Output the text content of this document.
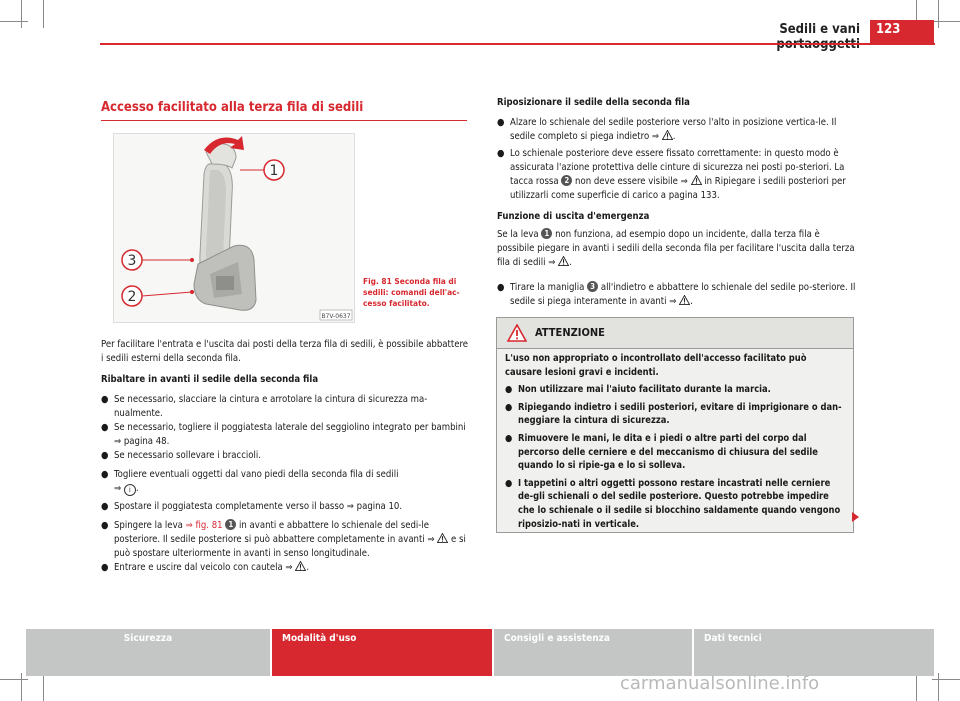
Sedili e vani	123
Accesso facilitato alla terza fila di sedili
1
3
2
B7V-0637
Fig. 81 Seconda fila di sedili: comandi dell'ac-cesso facilitato.
Per facilitare l'entrata e l'uscita dai posti della terza fila di sedili, è possibile abbattere i sedili esterni della seconda fila.
Ribaltare in avanti il sedile della seconda fila
● Se necessario, slacciare la cintura e arrotolare la cintura di sicurezza ma-nualmente.
● Se necessario, togliere il poggiatesta laterale del seggiolino integrato per bambini ⇒ pagina 48.
● Se necessario sollevare i braccioli.
● Togliere eventuali oggetti dal vano piedi della seconda fila di sedili
⇒ i .
● Spostare il poggiatesta completamente verso il basso ⇒ pagina 10.
● Spingere la leva ⇒ fig. 81 1 in avanti e abbattere lo schienale del sedi-le posteriore. Il sedile posteriore si può abbattere completamente in avanti ⇒ e si può spostare ulteriormente in avanti in senso longitudinale.
● Entrare e uscire dal veicolo con cautela ⇒ .
Riposizionare il sedile della seconda fila
● Alzare lo schienale del sedile posteriore verso l'alto in posizione vertica-le. Il sedile completo si piega indietro ⇒ .
● Lo schienale posteriore deve essere fissato correttamente: in questo modo è assicurata l'azione protettiva delle cinture di sicurezza nei posti po-steriori. La tacca rossa 2 non deve essere visibile ⇒ in Ripiegare i sedili posteriori per utilizzarli come superficie di carico a pagina 133.
Funzione di uscita d'emergenza
Se la leva 1 non funziona, ad esempio dopo un incidente, dalla terza fila è possibile piegare in avanti i sedili della seconda fila per facilitare l'uscita dalla terza fila di sedili ⇒ .
● Tirare la maniglia 3 all'indietro e abbattere lo schienale del sedile po-steriore. Il sedile si piega interamente in avanti ⇒ .
ATTENZIONE

L'uso non appropriato o incontrollato dell'accesso facilitato può causare lesioni gravi e incidenti.

● Non utilizzare mai l'aiuto facilitato durante la marcia.

● Ripiegando indietro i sedili posteriori, evitare di imprigionare o dan-neggiare la cintura di sicurezza.

● Rimuovere le mani, le dita e i piedi o altre parti del corpo dal percorso delle cerniere e del meccanismo di chiusura del sedile quando lo si ripie-ga e lo si solleva.

● I tappetini o altri oggetti possono restare incastrati nelle cerniere de-gli schienali o del sedile posteriore. Questo potrebbe impedire che lo schienale o il sedile si blocchino saldamente quando vengono riposizio-nati in verticale.

Sicurezza	Modalità d'uso	Consigli e assistenza	Dati tecnici
carmanualsonline.info
